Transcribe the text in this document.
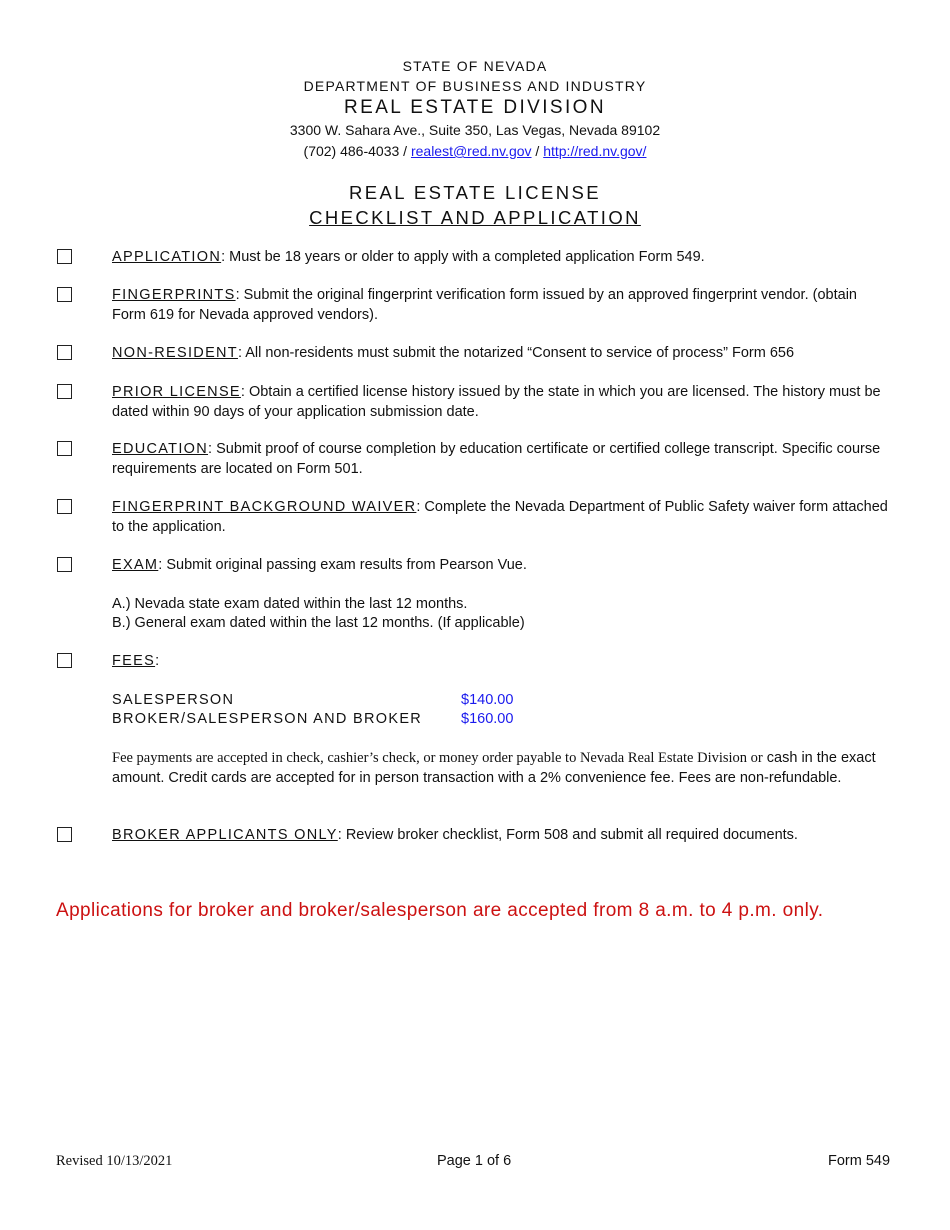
STATE OF NEVADA
DEPARTMENT OF BUSINESS AND INDUSTRY
REAL ESTATE DIVISION
3300 W. Sahara Ave., Suite 350, Las Vegas, Nevada 89102
(702) 486-4033 / realest@red.nv.gov / http://red.nv.gov/
REAL ESTATE LICENSE
CHECKLIST AND APPLICATION
APPLICATION: Must be 18 years or older to apply with a completed application Form 549.
FINGERPRINTS: Submit the original fingerprint verification form issued by an approved fingerprint vendor. (obtain Form 619 for Nevada approved vendors).
NON-RESIDENT: All non-residents must submit the notarized “Consent to service of process” Form 656
PRIOR LICENSE: Obtain a certified license history issued by the state in which you are licensed. The history must be dated within 90 days of your application submission date.
EDUCATION: Submit proof of course completion by education certificate or certified college transcript. Specific course requirements are located on Form 501.
FINGERPRINT BACKGROUND WAIVER: Complete the Nevada Department of Public Safety waiver form attached to the application.
EXAM: Submit original passing exam results from Pearson Vue.
A.) Nevada state exam dated within the last 12 months.
B.) General exam dated within the last 12 months. (If applicable)
FEES:
SALESPERSON	$140.00
BROKER/SALESPERSON AND BROKER	$160.00
Fee payments are accepted in check, cashier’s check, or money order payable to Nevada Real Estate Division or cash in the exact amount. Credit cards are accepted for in person transaction with a 2% convenience fee. Fees are non-refundable.
BROKER APPLICANTS ONLY: Review broker checklist, Form 508 and submit all required documents.
Applications for broker and broker/salesperson are accepted from 8 a.m. to 4 p.m. only.
Revised 10/13/2021	Page 1 of 6	Form 549
